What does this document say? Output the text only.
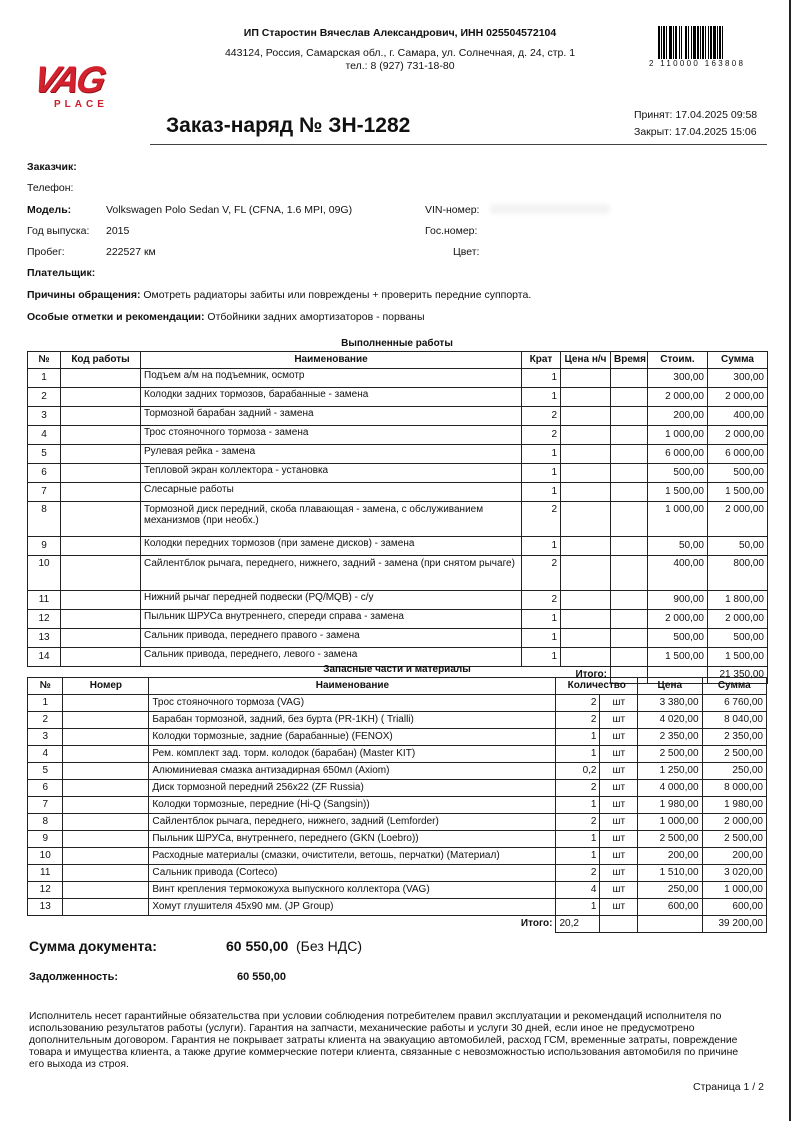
VAG
PLACE
ИП Старостин Вячеслав Александрович, ИНН 025504572104
443124, Россия, Самарская обл., г. Самара, ул. Солнечная, д. 24, стр. 1
тел.: 8 (927) 731-18-80	2 110000 163808
Заказ-наряд № ЗН-1282	Принят: 17.04.2025 09:58
Закрыт: 17.04.2025 15:06
Заказчик:
Телефон:
Модель:	Volkswagen Polo Sedan V, FL (CFNA, 1.6 MPI, 09G)	VIN-номер:
Год выпуска: 2015	Гос.номер:
Пробег:	222527 км	Цвет:
Плательщик:
Причины обращения: Омотреть радиаторы забиты или повреждены + проверить передние суппорта.
Особые отметки и рекомендации: Отбойники задних амортизаторов - порваны
Выполненные работы
№	Код работы	Наименование	Крат	Цена н/ч	Время	Стоим.	Сумма
1		Подъем а/м на подъемник, осмотр	1			300,00	300,00
2		Колодки задних тормозов, барабанные - замена	1			2 000,00	2 000,00
3		Тормозной барабан задний - замена	2			200,00	400,00
4		Трос стояночного тормоза - замена	2			1 000,00	2 000,00
5		Рулевая рейка - замена	1			6 000,00	6 000,00
6		Тепловой экран коллектора - установка	1			500,00	500,00
7		Слесарные работы	1			1 500,00	1 500,00
8		Тормозной диск передний, скоба плавающая - замена, с обслуживанием механизмов (при необх.)	2			1 000,00	2 000,00
9		Колодки передних тормозов (при замене дисков) - замена	1			50,00	50,00
10		Сайлентблок рычага, переднего, нижнего, задний - замена (при снятом рычаге)	2			400,00	800,00
11		Нижний рычаг передней подвески (PQ/MQB) - с/у	2			900,00	1 800,00
12		Пыльник ШРУСа внутреннего, спереди справа - замена	1			2 000,00	2 000,00
13		Сальник привода, переднего правого - замена	1			500,00	500,00
14		Сальник привода, переднего, левого - замена	1			1 500,00	1 500,00
		Итого:					21 350,00
Запасные части и материалы
№	Номер	Наименование	Количество		Цена	Сумма
1		Трос стояночного тормоза (VAG)	2	шт	3 380,00	6 760,00
2		Барабан тормозной, задний, без бурта (PR-1KH) ( Trialli)	2	шт	4 020,00	8 040,00
3		Колодки тормозные, задние (барабанные) (FENOX)	1	шт	2 350,00	2 350,00
4		Рем. комплект зад. торм. колодок (барабан) (Master KIT)	1	шт	2 500,00	2 500,00
5		Алюминиевая смазка антизадирная 650мл (Axiom)	0,2	шт	1 250,00	250,00
6		Диск тормозной передний 256x22 (ZF Russia)	2	шт	4 000,00	8 000,00
7		Колодки тормозные, передние (Hi-Q (Sangsin))	1	шт	1 980,00	1 980,00
8		Сайлентблок рычага, переднего, нижнего, задний (Lemforder)	2	шт	1 000,00	2 000,00
9		Пыльник ШРУСа, внутреннего, переднего (GKN (Loebro))	1	шт	2 500,00	2 500,00
10		Расходные материалы (смазки, очистители, ветошь, перчатки) (Материал)	1	шт	200,00	200,00
11		Сальник привода (Corteco)	2	шт	1 510,00	3 020,00
12		Винт крепления термокожуха выпускного коллектора (VAG)	4	шт	250,00	1 000,00
13		Хомут глушителя 45x90 мм. (JP Group)	1	шт	600,00	600,00
		Итого:	20,2			39 200,00
Сумма документа:	60 550,00 (Без НДС)
Задолженность:	60 550,00
Исполнитель несет гарантийные обязательства при условии соблюдения потребителем правил эксплуатации и рекомендаций исполнителя по использованию результатов работы (услуги). Гарантия на запчасти, механические работы и услуги 30 дней, если иное не предусмотрено дополнительным договором. Гарантия не покрывает затраты клиента на эвакуацию автомобилей, расход ГСМ, временные затраты, повреждение товара и имущества клиента, а также другие коммерческие потери клиента, связанные с невозможностью использования автомобиля по причине его выхода из строя.
Страница 1 / 2
